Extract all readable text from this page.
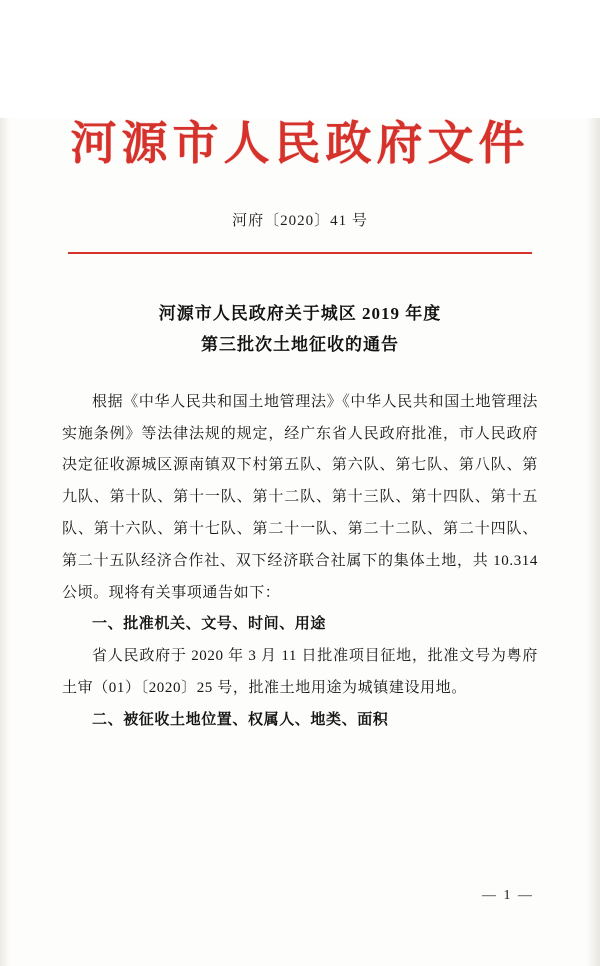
河源市人民政府文件
河府〔2020〕41 号
河源市人民政府关于城区 2019 年度
第三批次土地征收的通告

根据《中华人民共和国土地管理法》《中华人民共和国土地管理法实施条例》等法律法规的规定，经广东省人民政府批准，市人民政府决定征收源城区源南镇双下村第五队、第六队、第七队、第八队、第九队、第十队、第十一队、第十二队、第十三队、第十四队、第十五队、第十六队、第十七队、第二十一队、第二十二队、第二十四队、第二十五队经济合作社、双下经济联合社属下的集体土地，共 10.314 公顷。现将有关事项通告如下：

一、批准机关、文号、时间、用途

省人民政府于 2020 年 3 月 11 日批准项目征地，批准文号为粤府土审（01）〔2020〕25 号，批准土地用途为城镇建设用地。

二、被征收土地位置、权属人、地类、面积

— 1 —
